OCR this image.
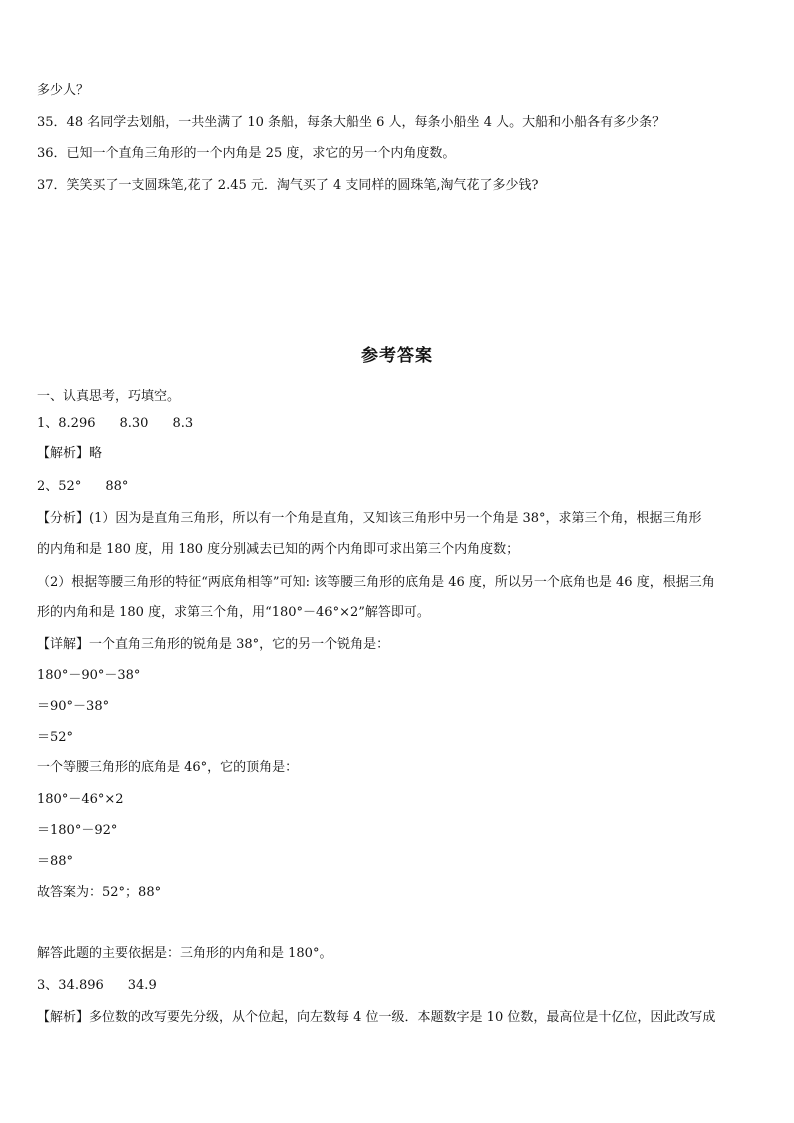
多少人？
35．48 名同学去划船，一共坐满了 10 条船，每条大船坐 6 人，每条小船坐 4 人。大船和小船各有多少条？
36．已知一个直角三角形的一个内角是 25 度，求它的另一个内角度数。
37．笑笑买了一支圆珠笔,花了 2.45 元．淘气买了 4 支同样的圆珠笔,淘气花了多少钱?
参考答案
一、认真思考，巧填空。
1、8.296 8.30 8.3
【解析】略
2、52° 88°
【分析】(1）因为是直角三角形，所以有一个角是直角，又知该三角形中另一个角是 38°，求第三个角，根据三角形
的内角和是 180 度，用 180 度分别减去已知的两个内角即可求出第三个内角度数；
（2）根据等腰三角形的特征“两底角相等”可知: 该等腰三角形的底角是 46 度，所以另一个底角也是 46 度，根据三角
形的内角和是 180 度，求第三个角，用“180°－46°×2”解答即可。
【详解】一个直角三角形的锐角是 38°，它的另一个锐角是：
180°－90°－38°
＝90°－38°
＝52°
一个等腰三角形的底角是 46°，它的顶角是：
180°－46°×2
＝180°－92°
＝88°
故答案为：52°；88°
解答此题的主要依据是：三角形的内角和是 180°。
3、34.896 34.9
【解析】多位数的改写要先分级，从个位起，向左数每 4 位一级．本题数字是 10 位数，最高位是十亿位，因此改写成
